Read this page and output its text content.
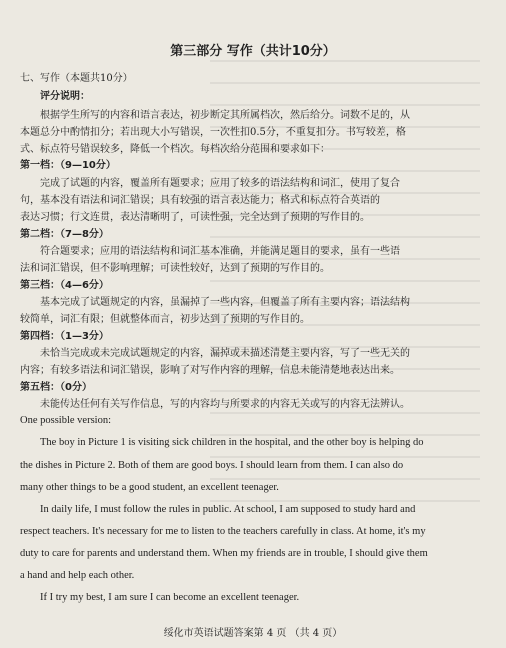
第三部分 写作（共计10分）
七、写作（本题共10分）
评分说明：
根据学生所写的内容和语言表达，初步断定其所属档次，然后给分。词数不足的，从
本题总分中酌情扣分；若出现大小写错误，一次性扣0.5分，不重复扣分。书写较差，格
式、标点符号错误较多，降低一个档次。每档次给分范围和要求如下：
第一档：（9—10分）
完成了试题的内容，覆盖所有题要求；应用了较多的语法结构和词汇，使用了复合
句，基本没有语法和词汇错误；具有较强的语言表达能力；格式和标点符合英语的
表达习惯；行文连贯，表达清晰明了，可读性强，完全达到了预期的写作目的。
第二档：（7—8分）
符合题要求；应用的语法结构和词汇基本准确，并能满足题目的要求，虽有一些语
法和词汇错误，但不影响理解；可读性较好，达到了预期的写作目的。
第三档：（4—6分）
基本完成了试题规定的内容，虽漏掉了一些内容，但覆盖了所有主要内容；语法结构
较简单，词汇有限；但就整体而言，初步达到了预期的写作目的。
第四档：（1—3分）
未恰当完成或未完成试题规定的内容，漏掉或未描述清楚主要内容，写了一些无关的
内容；有较多语法和词汇错误，影响了对写作内容的理解，信息未能清楚地表达出来。
第五档：（0分）
未能传达任何有关写作信息，写的内容均与所要求的内容无关或写的内容无法辨认。
One possible version:
The boy in Picture 1 is visiting sick children in the hospital, and the other boy is helping do
the dishes in Picture 2. Both of them are good boys. I should learn from them. I can also do
many other things to be a good student, an excellent teenager.
In daily life, I must follow the rules in public. At school, I am supposed to study hard and
respect teachers. It's necessary for me to listen to the teachers carefully in class. At home, it's my
duty to care for parents and understand them. When my friends are in trouble, I should give them
a hand and help each other.
If I try my best, I am sure I can become an excellent teenager.
绥化市英语试题答案第 4 页 （共 4 页）
